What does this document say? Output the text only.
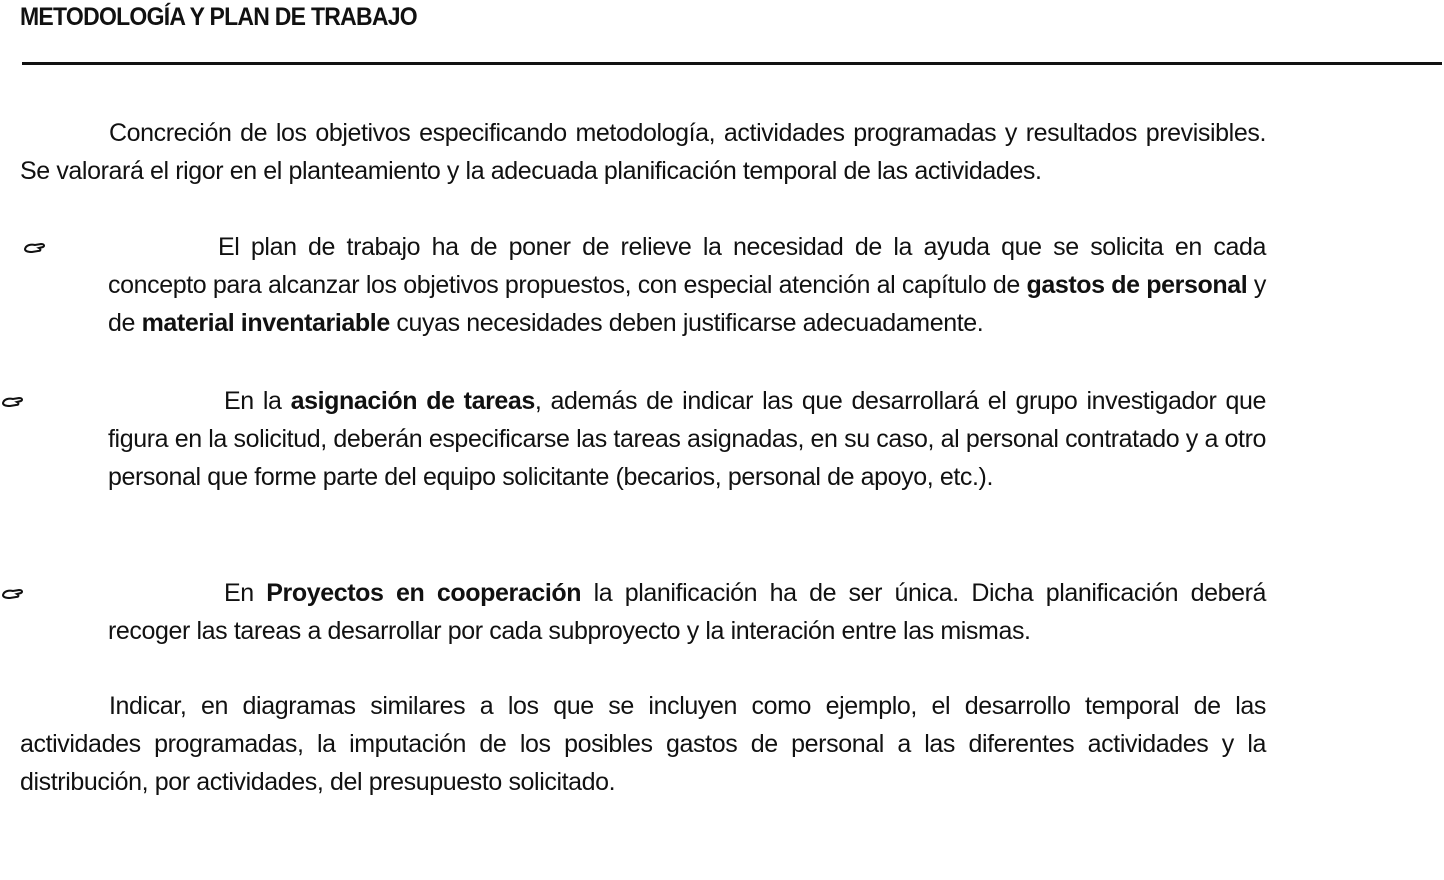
METODOLOGÍA Y PLAN DE TRABAJO
Concreción de los objetivos especificando metodología, actividades programadas y resultados previsibles. Se valorará el rigor en el planteamiento y la adecuada planificación temporal de las actividades.
El plan de trabajo ha de poner de relieve la necesidad de la ayuda que se solicita en cada concepto para alcanzar los objetivos propuestos, con especial atención al capítulo de gastos de personal y de material inventariable cuyas necesidades deben justificarse adecuadamente.
En la asignación de tareas, además de indicar las que desarrollará el grupo investigador que figura en la solicitud, deberán especificarse las tareas asignadas, en su caso, al personal contratado y a otro personal que forme parte del equipo solicitante (becarios, personal de apoyo, etc.).
En Proyectos en cooperación la planificación ha de ser única. Dicha planificación deberá recoger las tareas a desarrollar por cada subproyecto y la interación entre las mismas.
Indicar, en diagramas similares a los que se incluyen como ejemplo, el desarrollo temporal de las actividades programadas, la imputación de los posibles gastos de personal a las diferentes actividades y la distribución, por actividades, del presupuesto solicitado.
